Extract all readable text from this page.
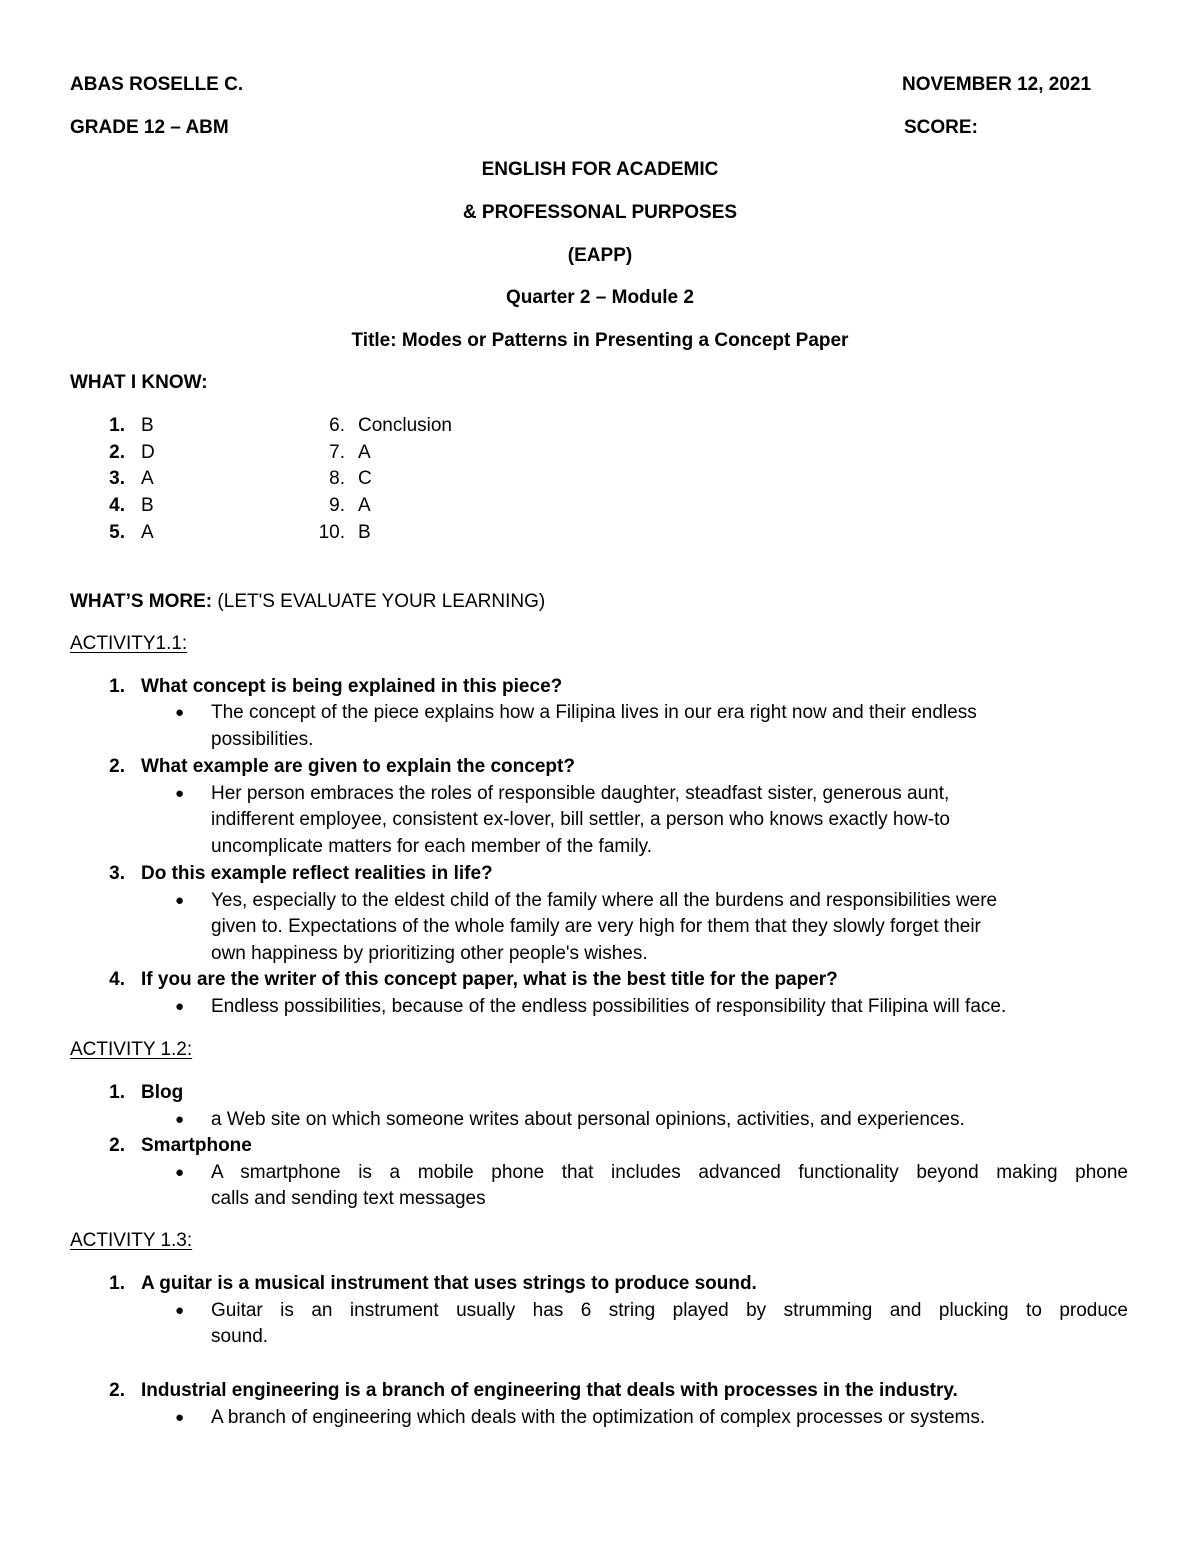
ABAS ROSELLE C.	NOVEMBER 12, 2021
GRADE 12 – ABM	SCORE:
ENGLISH FOR ACADEMIC
& PROFESSONAL PURPOSES
(EAPP)
Quarter 2 – Module 2
Title: Modes or Patterns in Presenting a Concept Paper
WHAT I KNOW:
1. B
2. D
3. A
4. B
5. A
6. Conclusion
7. A
8. C
9. A
10. B
WHAT’S MORE: (LET'S EVALUATE YOUR LEARNING)
ACTIVITY1.1:
1. What concept is being explained in this piece?
● The concept of the piece explains how a Filipina lives in our era right now and their endless
possibilities.
2. What example are given to explain the concept?
● Her person embraces the roles of responsible daughter, steadfast sister, generous aunt,
indifferent employee, consistent ex-lover, bill settler, a person who knows exactly how-to
uncomplicate matters for each member of the family.
3. Do this example reflect realities in life?
● Yes, especially to the eldest child of the family where all the burdens and responsibilities were
given to. Expectations of the whole family are very high for them that they slowly forget their
own happiness by prioritizing other people's wishes.
4. If you are the writer of this concept paper, what is the best title for the paper?
● Endless possibilities, because of the endless possibilities of responsibility that Filipina will face.
ACTIVITY 1.2:
1. Blog
● a Web site on which someone writes about personal opinions, activities, and experiences.
2. Smartphone
● A smartphone is a mobile phone that includes advanced functionality beyond making phone
calls and sending text messages
ACTIVITY 1.3:
1. A guitar is a musical instrument that uses strings to produce sound.
● Guitar is an instrument usually has 6 string played by strumming and plucking to produce
sound.
2. Industrial engineering is a branch of engineering that deals with processes in the industry.
● A branch of engineering which deals with the optimization of complex processes or systems.
